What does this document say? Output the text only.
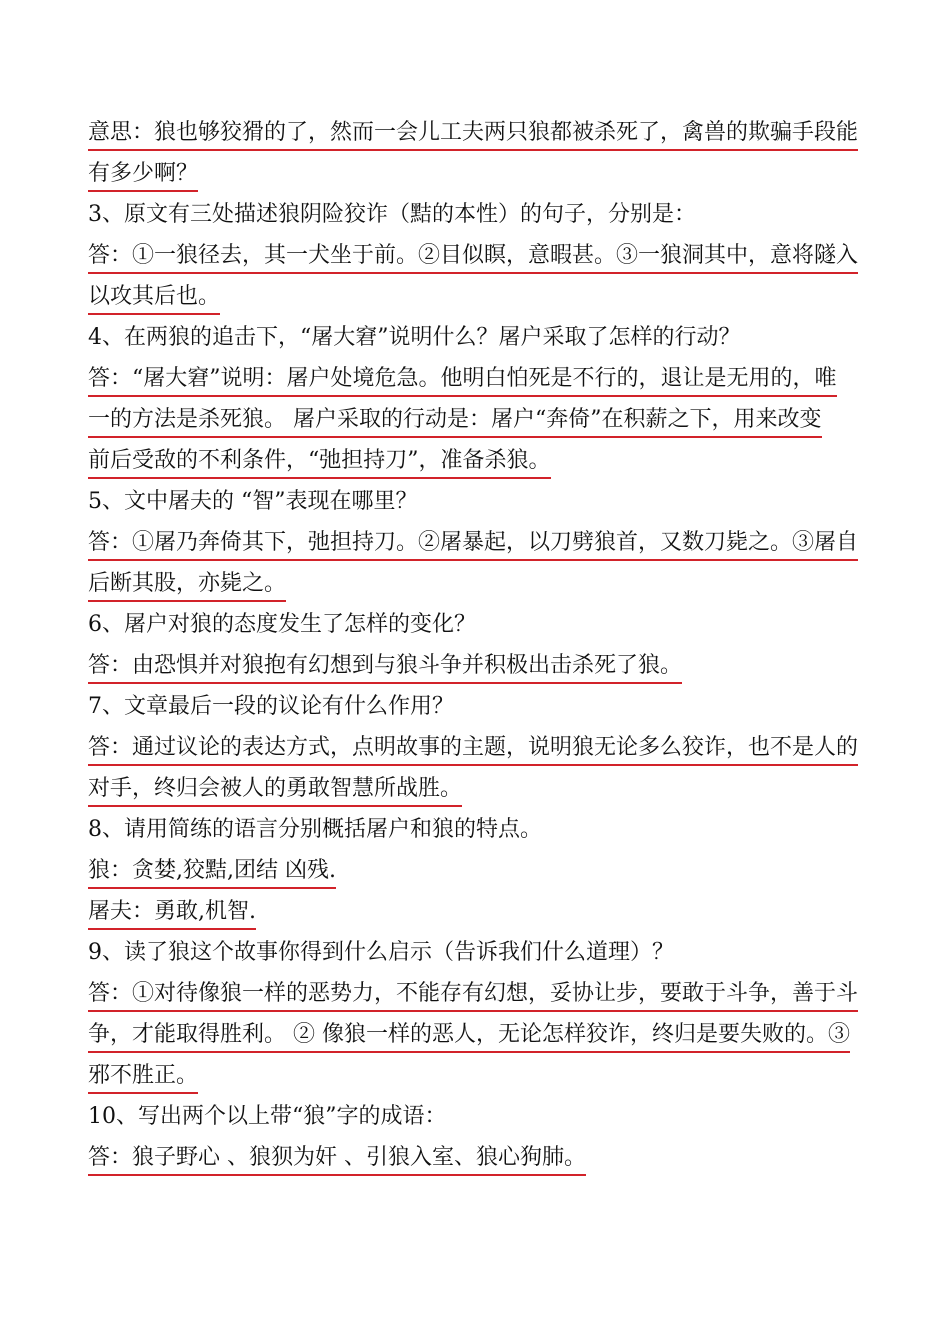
意思：狼也够狡猾的了，然而一会儿工夫两只狼都被杀死了，禽兽的欺骗手段能
有多少啊？
3、原文有三处描述狼阴险狡诈（黠的本性）的句子，分别是：
答：①一狼径去，其一犬坐于前。②目似瞑，意暇甚。③一狼洞其中，意将隧入
以攻其后也。
4、在两狼的追击下，“屠大窘”说明什么？屠户采取了怎样的行动？
答：“屠大窘”说明：屠户处境危急。他明白怕死是不行的，退让是无用的，唯
一的方法是杀死狼。 屠户采取的行动是：屠户“奔倚”在积薪之下，用来改变
前后受敌的不利条件，“弛担持刀”，准备杀狼。
5、文中屠夫的 “智”表现在哪里？
答：①屠乃奔倚其下，弛担持刀。②屠暴起，以刀劈狼首，又数刀毙之。③屠自
后断其股，亦毙之。
6、屠户对狼的态度发生了怎样的变化？
答：由恐惧并对狼抱有幻想到与狼斗争并积极出击杀死了狼。
7、文章最后一段的议论有什么作用？
答：通过议论的表达方式，点明故事的主题，说明狼无论多么狡诈，也不是人的
对手，终归会被人的勇敢智慧所战胜。
8、请用简练的语言分别概括屠户和狼的特点。
狼：贪婪,狡黠,团结 凶残.
屠夫：勇敢,机智.
9、读了狼这个故事你得到什么启示（告诉我们什么道理）？
答：①对待像狼一样的恶势力，不能存有幻想，妥协让步，要敢于斗争，善于斗
争，才能取得胜利。 ② 像狼一样的恶人，无论怎样狡诈，终归是要失败的。③
邪不胜正。
10、写出两个以上带“狼”字的成语：
答：狼子野心 、狼狈为奸 、引狼入室、狼心狗肺。
